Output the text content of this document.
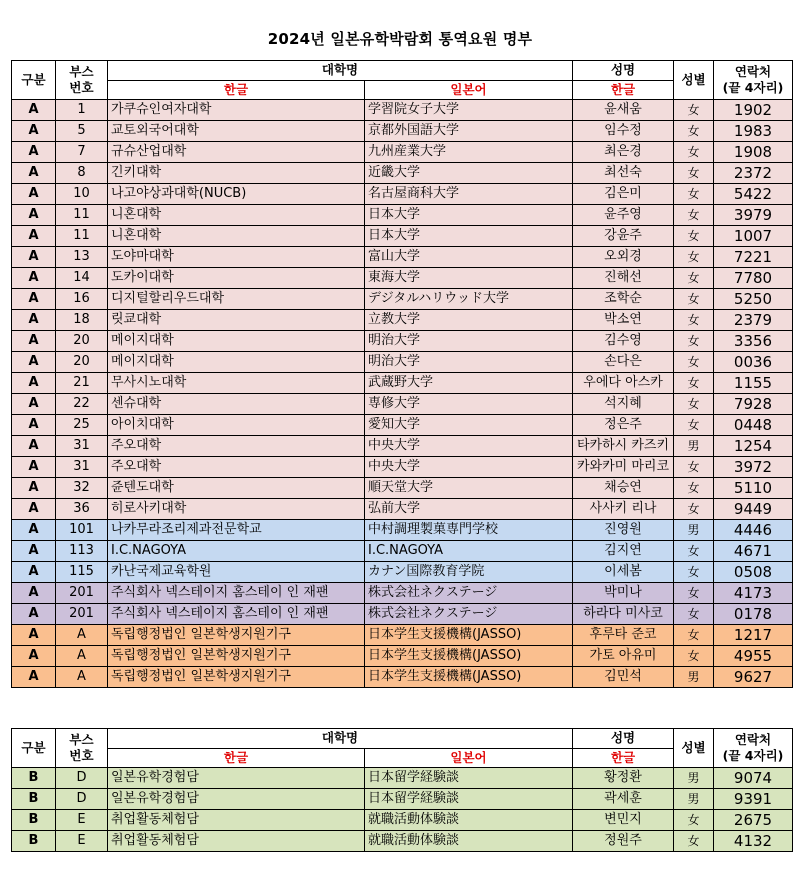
2024년 일본유학박람회 통역요원 명부
구분	부스
번호	대학명		성명	성별	연락처
(끝 4자리)
		한글	일본어	한글		
A	1	가쿠슈인여자대학	学習院女子大学	윤새움	女	1902
A	5	교토외국어대학	京都外国語大学	임수정	女	1983
A	7	규슈산업대학	九州産業大学	최은경	女	1908
A	8	긴키대학	近畿大学	최선숙	女	2372
A	10	나고야상과대학(NUCB)	名古屋商科大学	김은미	女	5422
A	11	니혼대학	日本大学	윤주영	女	3979
A	11	니혼대학	日本大学	강윤주	女	1007
A	13	도야마대학	富山大学	오외경	女	7221
A	14	도카이대학	東海大学	진해선	女	7780
A	16	디지털할리우드대학	デジタルハリウッド大学	조학순	女	5250
A	18	릿쿄대학	立教大学	박소연	女	2379
A	20	메이지대학	明治大学	김수영	女	3356
A	20	메이지대학	明治大学	손다은	女	0036
A	21	무사시노대학	武蔵野大学	우에다 아스카	女	1155
A	22	센슈대학	専修大学	석지혜	女	7928
A	25	아이치대학	愛知大学	정은주	女	0448
A	31	주오대학	中央大学	타카하시 카즈키	男	1254
A	31	주오대학	中央大学	카와카미 마리코	女	3972
A	32	쥰텐도대학	順天堂大学	채승연	女	5110
A	36	히로사키대학	弘前大学	사사키 리나	女	9449
A	101	나카무라조리제과전문학교	中村調理製菓専門学校	진영원	男	4446
A	113	I.C.NAGOYA	I.C.NAGOYA	김지연	女	4671
A	115	카난국제교육학원	カナン国際教育学院	이세봄	女	0508
A	201	주식회사 넥스테이지 홈스테이 인 재팬	株式会社ネクステージ	박미나	女	4173
A	201	주식회사 넥스테이지 홈스테이 인 재팬	株式会社ネクステージ	하라다 미사코	女	0178
A	A	독립행정법인 일본학생지원기구	日本学生支援機構(JASSO)	후루타 준코	女	1217
A	A	독립행정법인 일본학생지원기구	日本学生支援機構(JASSO)	가토 아유미	女	4955
A	A	독립행정법인 일본학생지원기구	日本学生支援機構(JASSO)	김민석	男	9627
구분	부스
번호	대학명		성명	성별	연락처
(끝 4자리)
		한글	일본어	한글		
B	D	일본유학경험담	日本留学経験談	황정환	男	9074
B	D	일본유학경험담	日本留学経験談	곽세훈	男	9391
B	E	취업활동체험담	就職活動体験談	변민지	女	2675
B	E	취업활동체험담	就職活動体験談	정원주	女	4132
